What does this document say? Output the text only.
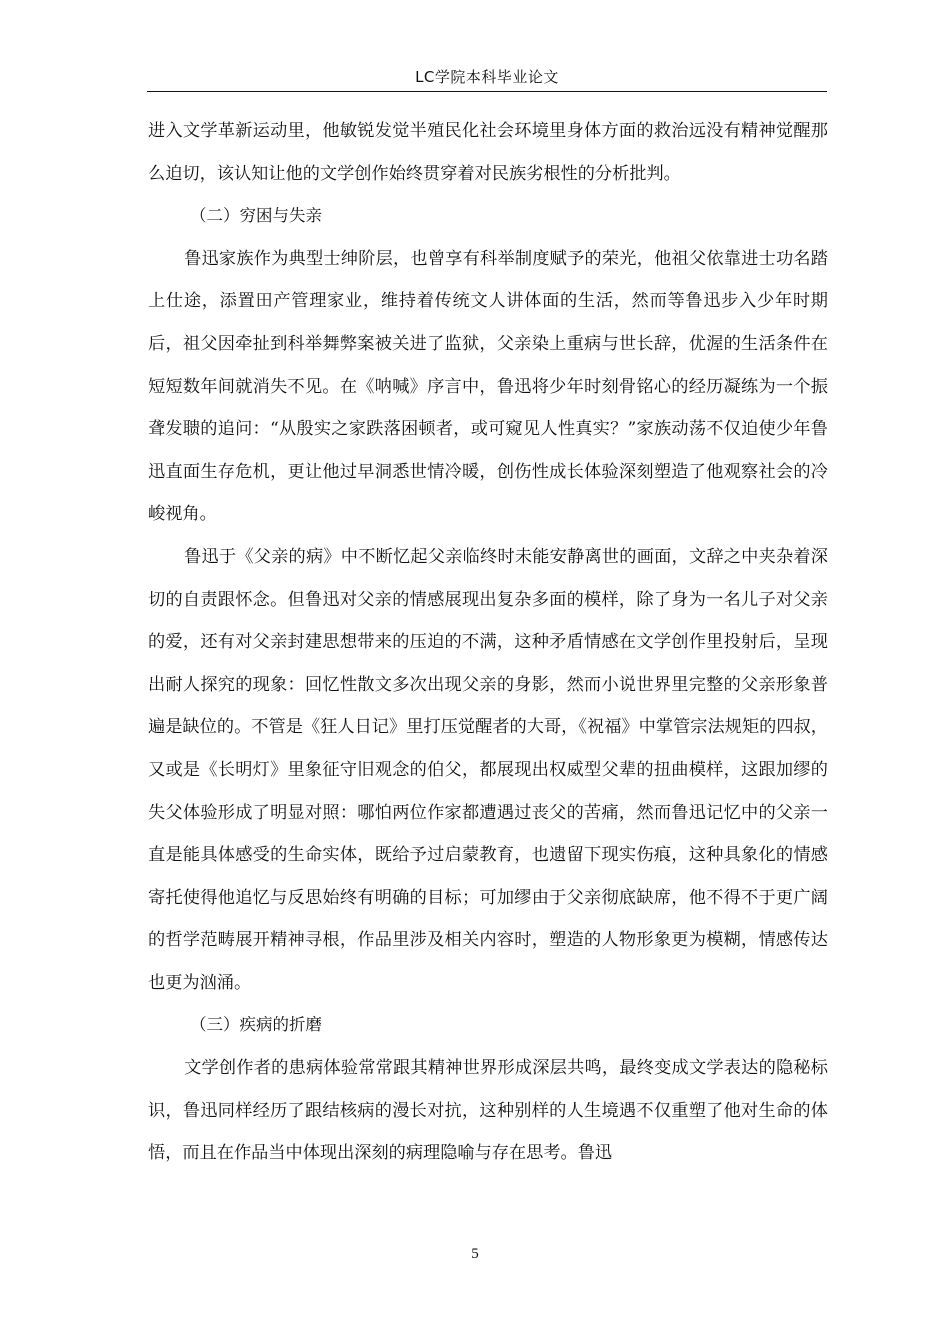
LC学院本科毕业论文

进入文学革新运动里，他敏锐发觉半殖民化社会环境里身体方面的救治远没有精神觉醒那么迫切，该认知让他的文学创作始终贯穿着对民族劣根性的分析批判。

（二）穷困与失亲

鲁迅家族作为典型士绅阶层，也曾享有科举制度赋予的荣光，他祖父依靠进士功名踏上仕途，添置田产管理家业，维持着传统文人讲体面的生活，然而等鲁迅步入少年时期后，祖父因牵扯到科举舞弊案被关进了监狱，父亲染上重病与世长辞，优渥的生活条件在短短数年间就消失不见。在《呐喊》序言中，鲁迅将少年时刻骨铭心的经历凝练为一个振聋发聩的追问：“从殷实之家跌落困顿者，或可窥见人性真实？”家族动荡不仅迫使少年鲁迅直面生存危机，更让他过早洞悉世情冷暖，创伤性成长体验深刻塑造了他观察社会的冷峻视角。

鲁迅于《父亲的病》中不断忆起父亲临终时未能安静离世的画面，文辞之中夹杂着深切的自责跟怀念。但鲁迅对父亲的情感展现出复杂多面的模样，除了身为一名儿子对父亲的爱，还有对父亲封建思想带来的压迫的不满，这种矛盾情感在文学创作里投射后，呈现出耐人探究的现象：回忆性散文多次出现父亲的身影，然而小说世界里完整的父亲形象普遍是缺位的。不管是《狂人日记》里打压觉醒者的大哥，《祝福》中掌管宗法规矩的四叔，又或是《长明灯》里象征守旧观念的伯父，都展现出权威型父辈的扭曲模样，这跟加缪的失父体验形成了明显对照：哪怕两位作家都遭遇过丧父的苦痛，然而鲁迅记忆中的父亲一直是能具体感受的生命实体，既给予过启蒙教育，也遗留下现实伤痕，这种具象化的情感寄托使得他追忆与反思始终有明确的目标；可加缪由于父亲彻底缺席，他不得不于更广阔的哲学范畴展开精神寻根，作品里涉及相关内容时，塑造的人物形象更为模糊，情感传达也更为汹涌。

（三）疾病的折磨

文学创作者的患病体验常常跟其精神世界形成深层共鸣，最终变成文学表达的隐秘标识，鲁迅同样经历了跟结核病的漫长对抗，这种别样的人生境遇不仅重塑了他对生命的体悟，而且在作品当中体现出深刻的病理隐喻与存在思考。鲁迅

5
